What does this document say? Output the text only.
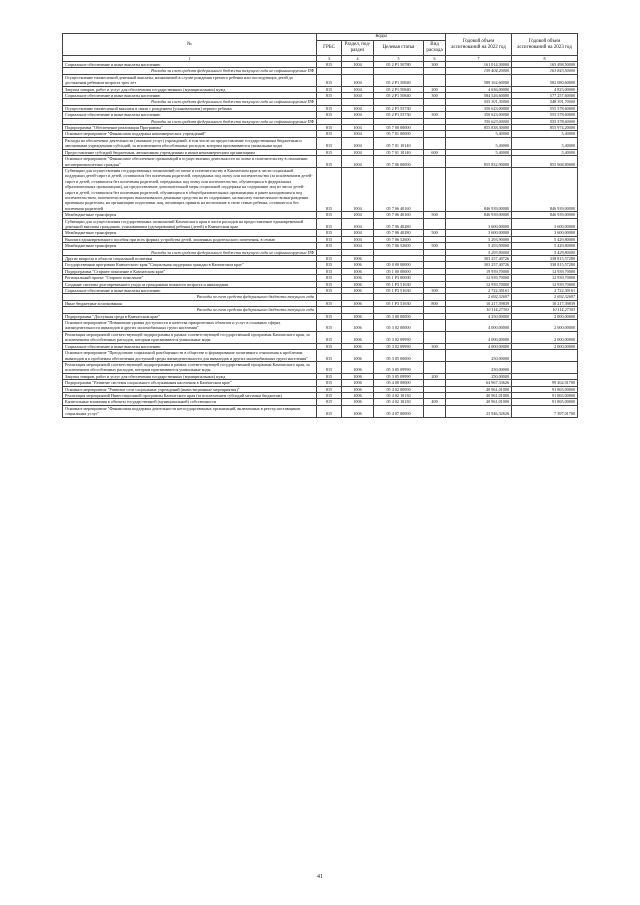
№	Коды				Годовой объем ассигнований на 2022 год	Годовой объем ассигнований на 2023 год
	ГРБС	Раздел, под-раздел	Целевая статья	Вид расхода		
1	3	4	5	6	7	8
Социальное обеспечение и иные выплаты населению	815	1004	05 2 P1 50780	300	161 014,30000	165 498,50000
Расходы за счет средств федерального бюджета текущего года не софинансируемые ПФ					159 404,20000	163 843,50000
Осуществление ежемесячной денежной выплаты, назначаемой в случае рождения третьего ребенка или последующих детей до достижения ребенком возраста трех лет	815	1004	05 2 P1 50840		589 162,60000	582 080,60000
Закупка товаров, работ и услуг для обеспечения государственных (муниципальных) нужд	815	1004	05 2 P1 50840	200	4 636,00000	4 823,00000
Социальное обеспечение и иные выплаты населению	815	1004	05 2 P1 50840	300	584 526,60000	577 257,60000
Расходы за счет средств федерального бюджета текущего года не софинансируемые ПФ					555 301,30000	548 391,70000
Осуществление ежемесячной выплаты в связи с рождением (усыновлением) первого ребенка	815	1004	05 2 P1 55730		350 623,00000	555 578,60000
Социальное обеспечение и иные выплаты населению	815	1004	05 2 P1 55730	300	350 623,00000	555 578,60000
Расходы за счет средств федерального бюджета текущего года не софинансируемые ПФ					350 623,00000	555 578,60000
Подпрограмма "Обеспечение реализации Программы"	815	1004	05 7 00 00000		855 838,30000	855 974,20000
Основное мероприятие "Финансовая поддержка некоммерческих учреждений"	815	1004	05 7 01 00000		5,40000	5,40000
Расходы на обеспечение деятельности (оказание услуг) учреждений, в том числе на предоставление государственным бюджетным и автономным учреждениям субсидий, за исключением обособленных расходов, которым присваиваются уникальные коды	815	1004	05 7 01 10140		5,40000	5,40000
Предоставление субсидий бюджетным, автономным учреждениям и иным некоммерческим организациям	815	1004	05 7 01 10140	600	5,40000	5,40000
Основное мероприятие "Финансовое обеспечение организаций в осуществлении деятельности по опеке и попечительству в отношении несовершеннолетних граждан"	815	1004	05 7 06 00000		855 832,90000	855 968,80000
Субвенции для осуществления государственных полномочий по опеке и попечительству в Камчатском крае в части социальной поддержки детей-сирот и детей, оставшихся без попечения родителей, переданных под опеку или попечительство (за исключением детей-сирот и детей, оставшихся без попечения родителей, переданных под опеку или попечительство, обучающихся в федеральных образовательных организациях), на предоставление дополнительной меры социальной поддержки на содержание лиц из числа детей-сирот и детей, оставшихся без попечения родителей, обучающихся в общеобразовательных организациях и ранее находившихся под попечительством, попечители которых выплачивались денежные средства на их содержание, на выплату ежемесячного вознаграждения приемным родителям, на организацию подготовки лиц, желающих принять на воспитание в свою семью ребенка, оставшегося без попечения родителей	815	1004	05 7 06 40160		846 939,00000	846 939,00000
Межбюджетные трансферты	815	1004	05 7 06 40160	500	846 939,00000	846 939,00000
Субвенции для осуществления государственных полномочий Камчатского края в части расходов на предоставление единовременной денежной выплаты гражданам, усыновившим (удочерившим) ребенка (детей) в Камчатском крае	815	1004	05 7 06 40280		3 600,00000	3 600,00000
Межбюджетные трансферты	815	1004	05 7 06 40280	500	3 600,00000	3 600,00000
Выплата единовременного пособия при всех формах устройства детей, лишенных родительского попечения, в семью	815	1004	05 7 06 52600		5 293,90000	5 429,80000
Межбюджетные трансферты	815	1004	05 7 06 52600	500	5 293,90000	5 429,80000
Расходы за счет средств федерального бюджета текущего года не софинансируемые ПФ					5 293,90000	5 429,80000
Другие вопросы в области социальной политики	815	1006			303 257,40726	338 815,57280
Государственная программа Камчатского края "Социальная поддержка граждан в Камчатском крае"	815	1006	05 0 00 00000		303 257,40726	338 815,57280
Подпрограмма "Старшее поколение в Камчатском крае"	815	1006	05 1 00 00000		19 939,70000	12 939,70000
Региональный проект "Старшее поколение"	815	1006	05 1 P3 00000		12 939,70000	12 939,70000
Создание системы долговременного ухода за гражданами пожилого возраста и инвалидами	815	1006	05 1 P3 51630		12 939,70000	12 939,70000
Социальное обеспечение и иные выплаты населению	815	1006	05 1 P3 51630	300	2 722,30161	2 722,30161
Расходы за счет средств федерального бюджета текущего года					2 692,32697	2 692,32697
Иные бюджетные ассигнования	815	1006	05 1 P3 51630	800	10 217,39839	10 217,39839
Расходы за счет средств федерального бюджета текущего года					10 114,27303	10 114,27303
Подпрограмма "Доступная среда в Камчатском крае"	815	1006	05 3 00 00000		4 250,00000	2 000,00000
Основное мероприятие "Повышение уровня доступности и качества приоритетных объектов и услуг в основных сферах жизнедеятельности инвалидов и других маломобильных групп населения"	815	1006	05 3 02 00000		4 000,00000	2 000,00000
Реализация мероприятий соответствующей подпрограммы в рамках соответствующей государственной программы Камчатского края, за исключением обособленных расходов, которым присваиваются уникальные коды	815	1006	05 3 02 09990		4 000,00000	2 000,00000
Социальное обеспечение и иные выплаты населению	815	1006	05 3 02 09990	300	4 000,00000	2 000,00000
Основное мероприятие "Преодоление социальной разобщенности в обществе и формирование позитивного отношения к проблемам инвалидов и к проблемам обеспечения доступной среды жизнедеятельности для инвалидов и других маломобильных групп населения"	815	1006	05 3 05 00000		250,00000	
Реализация мероприятий соответствующей подпрограммы в рамках соответствующей государственной программы Камчатского края, за исключением обособленных расходов, которым присваиваются уникальные коды	815	1006	05 3 05 09990		250,00000	
Закупка товаров, работ и услуг для обеспечения государственных (муниципальных) нужд	815	1006	05 3 05 09990	200	250,00000	
Подпрограмма "Развитие системы социального обслуживания населения в Камчатском крае"	815	1006	05 4 00 00000		64 967,33626	99 262,01700
Основное мероприятие "Развитие сети социальных учреждений (инвестиционные мероприятия)"	815	1006	05 4 02 00000		40 961,01000	91 865,00000
Реализация мероприятий Инвестиционной программы Камчатского края (за исключением субсидий местным бюджетам)	815	1006	05 4 02 10130		40 961,01000	91 865,00000
Капитальные вложения в объекты государственной (муниципальной) собственности	815	1006	05 4 02 10130	400	40 961,01000	91 865,00000
Основное мероприятие "Финансовая поддержка деятельности негосударственных организаций, включенных в реестр поставщиков социальных услуг"	815	1006	05 4 07 00000		23 946,32626	7 397,01700
41
